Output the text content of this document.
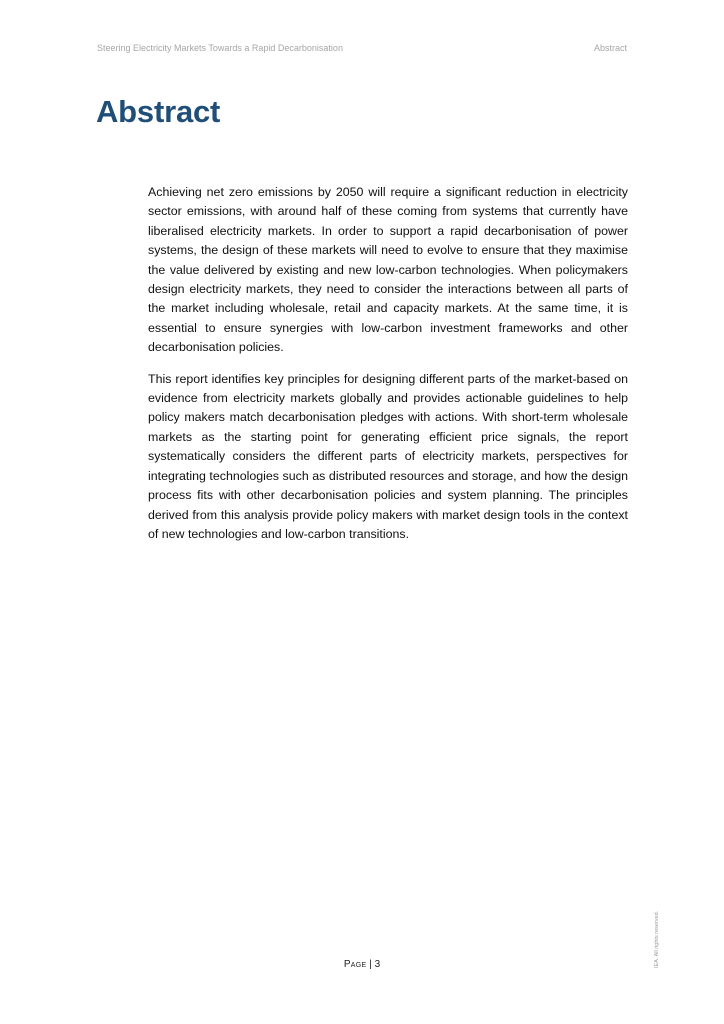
Steering Electricity Markets Towards a Rapid Decarbonisation	Abstract
Abstract

Achieving net zero emissions by 2050 will require a significant reduction in electricity sector emissions, with around half of these coming from systems that currently have liberalised electricity markets. In order to support a rapid decarbonisation of power systems, the design of these markets will need to evolve to ensure that they maximise the value delivered by existing and new low-carbon technologies. When policymakers design electricity markets, they need to consider the interactions between all parts of the market including wholesale, retail and capacity markets. At the same time, it is essential to ensure synergies with low-carbon investment frameworks and other decarbonisation policies.

This report identifies key principles for designing different parts of the market-based on evidence from electricity markets globally and provides actionable guidelines to help policy makers match decarbonisation pledges with actions. With short-term wholesale markets as the starting point for generating efficient price signals, the report systematically considers the different parts of electricity markets, perspectives for integrating technologies such as distributed resources and storage, and how the design process fits with other decarbonisation policies and system planning. The principles derived from this analysis provide policy makers with market design tools in the context of new technologies and low-carbon transitions.

Page | 3	IEA. All rights reserved.
